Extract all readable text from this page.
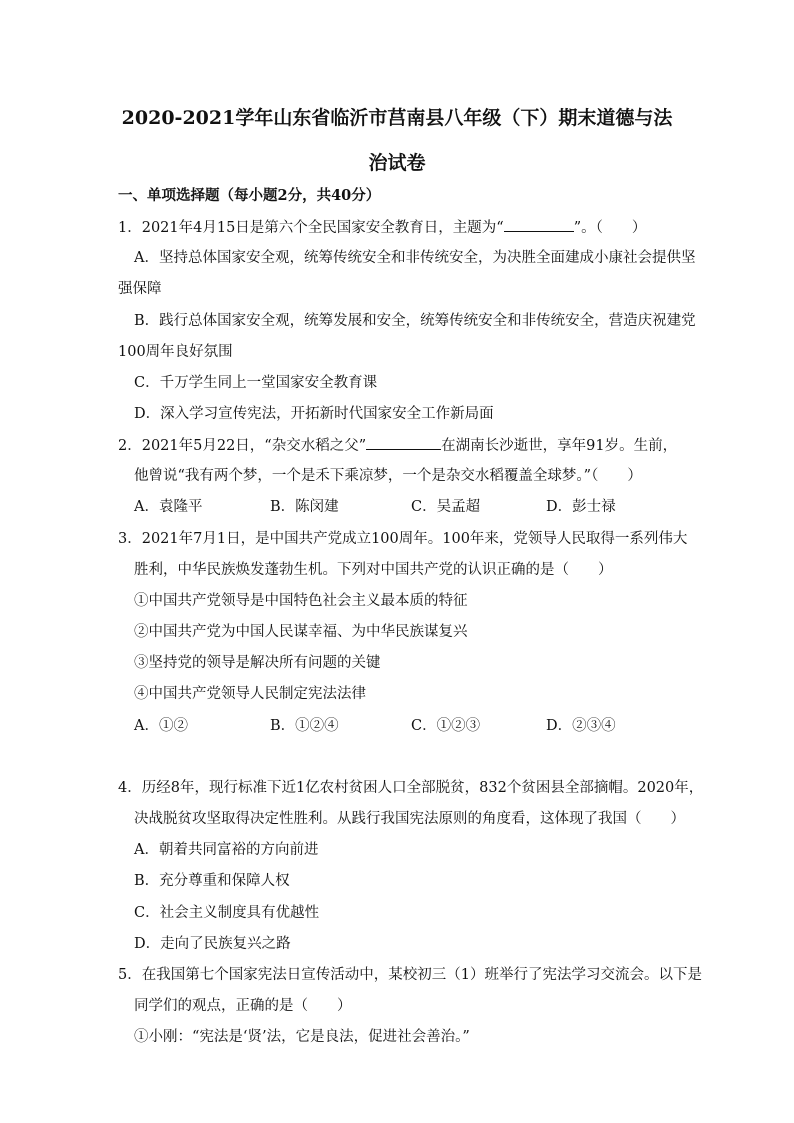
2020-2021学年山东省临沂市莒南县八年级（下）期末道德与法
治试卷
一、单项选择题（每小题2分，共40分）
1．2021年4月15日是第六个全民国家安全教育日，主题为“	”。（　　）
A．坚持总体国家安全观，统筹传统安全和非传统安全，为决胜全面建成小康社会提供坚
强保障
B．践行总体国家安全观，统筹发展和安全，统筹传统安全和非传统安全，营造庆祝建党
100周年良好氛围
C．千万学生同上一堂国家安全教育课
D．深入学习宣传宪法，开拓新时代国家安全工作新局面
2．2021年5月22日，“杂交水稻之父”	在湖南长沙逝世，享年91岁。生前，
他曾说“我有两个梦，一个是禾下乘凉梦，一个是杂交水稻覆盖全球梦。”（　　）
A．袁隆平	B．陈闵建	C．吴孟超	D．彭士禄
3．2021年7月1日，是中国共产党成立100周年。100年来，党领导人民取得一系列伟大
胜利，中华民族焕发蓬勃生机。下列对中国共产党的认识正确的是（　　）
①中国共产党领导是中国特色社会主义最本质的特征
②中国共产党为中国人民谋幸福、为中华民族谋复兴
③坚持党的领导是解决所有问题的关键
④中国共产党领导人民制定宪法法律
A．①②	B．①②④	C．①②③	D．②③④
4．历经8年，现行标准下近1亿农村贫困人口全部脱贫，832个贫困县全部摘帽。2020年，
决战脱贫攻坚取得决定性胜利。从践行我国宪法原则的角度看，这体现了我国（　　）
A．朝着共同富裕的方向前进
B．充分尊重和保障人权
C．社会主义制度具有优越性
D．走向了民族复兴之路
5．在我国第七个国家宪法日宣传活动中，某校初三（1）班举行了宪法学习交流会。以下是
同学们的观点，正确的是（　　）
①小刚：“宪法是‘贤’法，它是良法，促进社会善治。”
